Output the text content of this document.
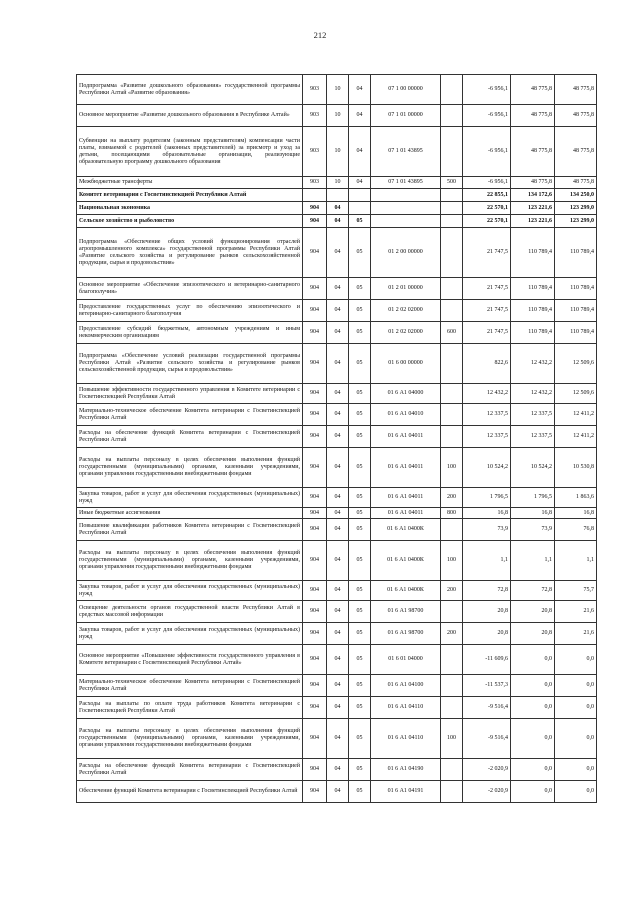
212
Подпрограмма «Развитие дошкольного образования» государственной программы Республики Алтай «Развитие образования»	903	10	04	07 1 00 00000		-6 956,1	48 775,8	48 775,8
Основное мероприятие «Развитие дошкольного образования в Республике Алтай»	903	10	04	07 1 01 00000		-6 956,1	48 775,8	48 775,8
Субвенции на выплату родителям (законным представителям) компенсации части платы, взимаемой с родителей (законных представителей) за присмотр и уход за детьми, посещающими образовательные организации, реализующие образовательную программу дошкольного образования	903	10	04	07 1 01 43895		-6 956,1	48 775,8	48 775,8
Межбюджетные трансферты	903	10	04	07 1 01 43895	500	-6 956,1	48 775,8	48 775,8
Комитет ветеринарии с Госветинспекцией Республики Алтай						22 855,1	134 172,6	134 250,0
Национальная экономика	904	04				22 570,1	123 221,6	123 299,0
Сельское хозяйство и рыболовство	904	04	05			22 570,1	123 221,6	123 299,0
Подпрограмма «Обеспечение общих условий функционирования отраслей агропромышленного комплекса» государственной программы Республики Алтай «Развитие сельского хозяйства и регулирование рынков сельскохозяйственной продукции, сырья и продовольствия»	904	04	05	01 2 00 00000		21 747,5	110 789,4	110 789,4
Основное мероприятие «Обеспечение эпизоотического и ветеринарно-санитарного благополучия»	904	04	05	01 2 01 00000		21 747,5	110 789,4	110 789,4
Предоставление государственных услуг по обеспечению эпизоотического и ветеринарно-санитарного благополучия	904	04	05	01 2 02 02000		21 747,5	110 789,4	110 789,4
Предоставление субсидий бюджетным, автономным учреждениям и иным некоммерческим организациям	904	04	05	01 2 02 02000	600	21 747,5	110 789,4	110 789,4
Подпрограмма «Обеспечение условий реализации государственной программы Республики Алтай «Развитие сельского хозяйства и регулирование рынков сельскохозяйственной продукции, сырья и продовольствия»	904	04	05	01 6 00 00000		822,6	12 432,2	12 509,6
Повышение эффективности государственного управления в Комитете ветеринарии с Госветинспекцией Республики Алтай	904	04	05	01 6 А1 04000		12 432,2	12 432,2	12 509,6
Материально-техническое обеспечение Комитета ветеринарии с Госветинспекцией Республики Алтай	904	04	05	01 6 А1 04010		12 337,5	12 337,5	12 411,2
Расходы на обеспечение функций Комитета ветеринарии с Госветинспекцией Республики Алтай	904	04	05	01 6 А1 04011		12 337,5	12 337,5	12 411,2
Расходы на выплаты персоналу в целях обеспечения выполнения функций государственными (муниципальными) органами, казенными учреждениями, органами управления государственными внебюджетными фондами	904	04	05	01 6 А1 04011	100	10 524,2	10 524,2	10 530,8
Закупка товаров, работ и услуг для обеспечения государственных (муниципальных) нужд	904	04	05	01 6 А1 04011	200	1 796,5	1 796,5	1 863,6
Иные бюджетные ассигнования	904	04	05	01 6 А1 04011	800	16,8	16,8	16,8
Повышение квалификации работников Комитета ветеринарии с Госветинспекцией Республики Алтай	904	04	05	01 6 А1 0400К		73,9	73,9	76,8
Расходы на выплаты персоналу в целях обеспечения выполнения функций государственными (муниципальными) органами, казенными учреждениями, органами управления государственными внебюджетными фондами	904	04	05	01 6 А1 0400К	100	1,1	1,1	1,1
Закупка товаров, работ и услуг для обеспечения государственных (муниципальных) нужд	904	04	05	01 6 А1 0400К	200	72,8	72,8	75,7
Освещение деятельности органов государственной власти Республики Алтай в средствах массовой информации	904	04	05	01 6 А1 98700		20,8	20,8	21,6
Закупка товаров, работ и услуг для обеспечения государственных (муниципальных) нужд	904	04	05	01 6 А1 98700	200	20,8	20,8	21,6
Основное мероприятие «Повышение эффективности государственного управления в Комитете ветеринарии с Госветинспекцией Республики Алтай»	904	04	05	01 6 01 04000		-11 609,6	0,0	0,0
Материально-техническое обеспечение Комитета ветеринарии с Госветинспекцией Республики Алтай	904	04	05	01 6 А1 04100		-11 537,3	0,0	0,0
Расходы на выплаты по оплате труда работников Комитета ветеринарии с Госветинспекцией Республики Алтай	904	04	05	01 6 А1 04110		-9 516,4	0,0	0,0
Расходы на выплаты персоналу в целях обеспечения выполнения функций государственными (муниципальными) органами, казенными учреждениями, органами управления государственными внебюджетными фондами	904	04	05	01 6 А1 04110	100	-9 516,4	0,0	0,0
Расходы на обеспечение функций Комитета ветеринарии с Госветинспекцией Республики Алтай	904	04	05	01 6 А1 04190		-2 020,9	0,0	0,0
Обеспечение функций Комитета ветеринарии с Госветинспекцией Республики Алтай	904	04	05	01 6 А1 04191		-2 020,9	0,0	0,0
